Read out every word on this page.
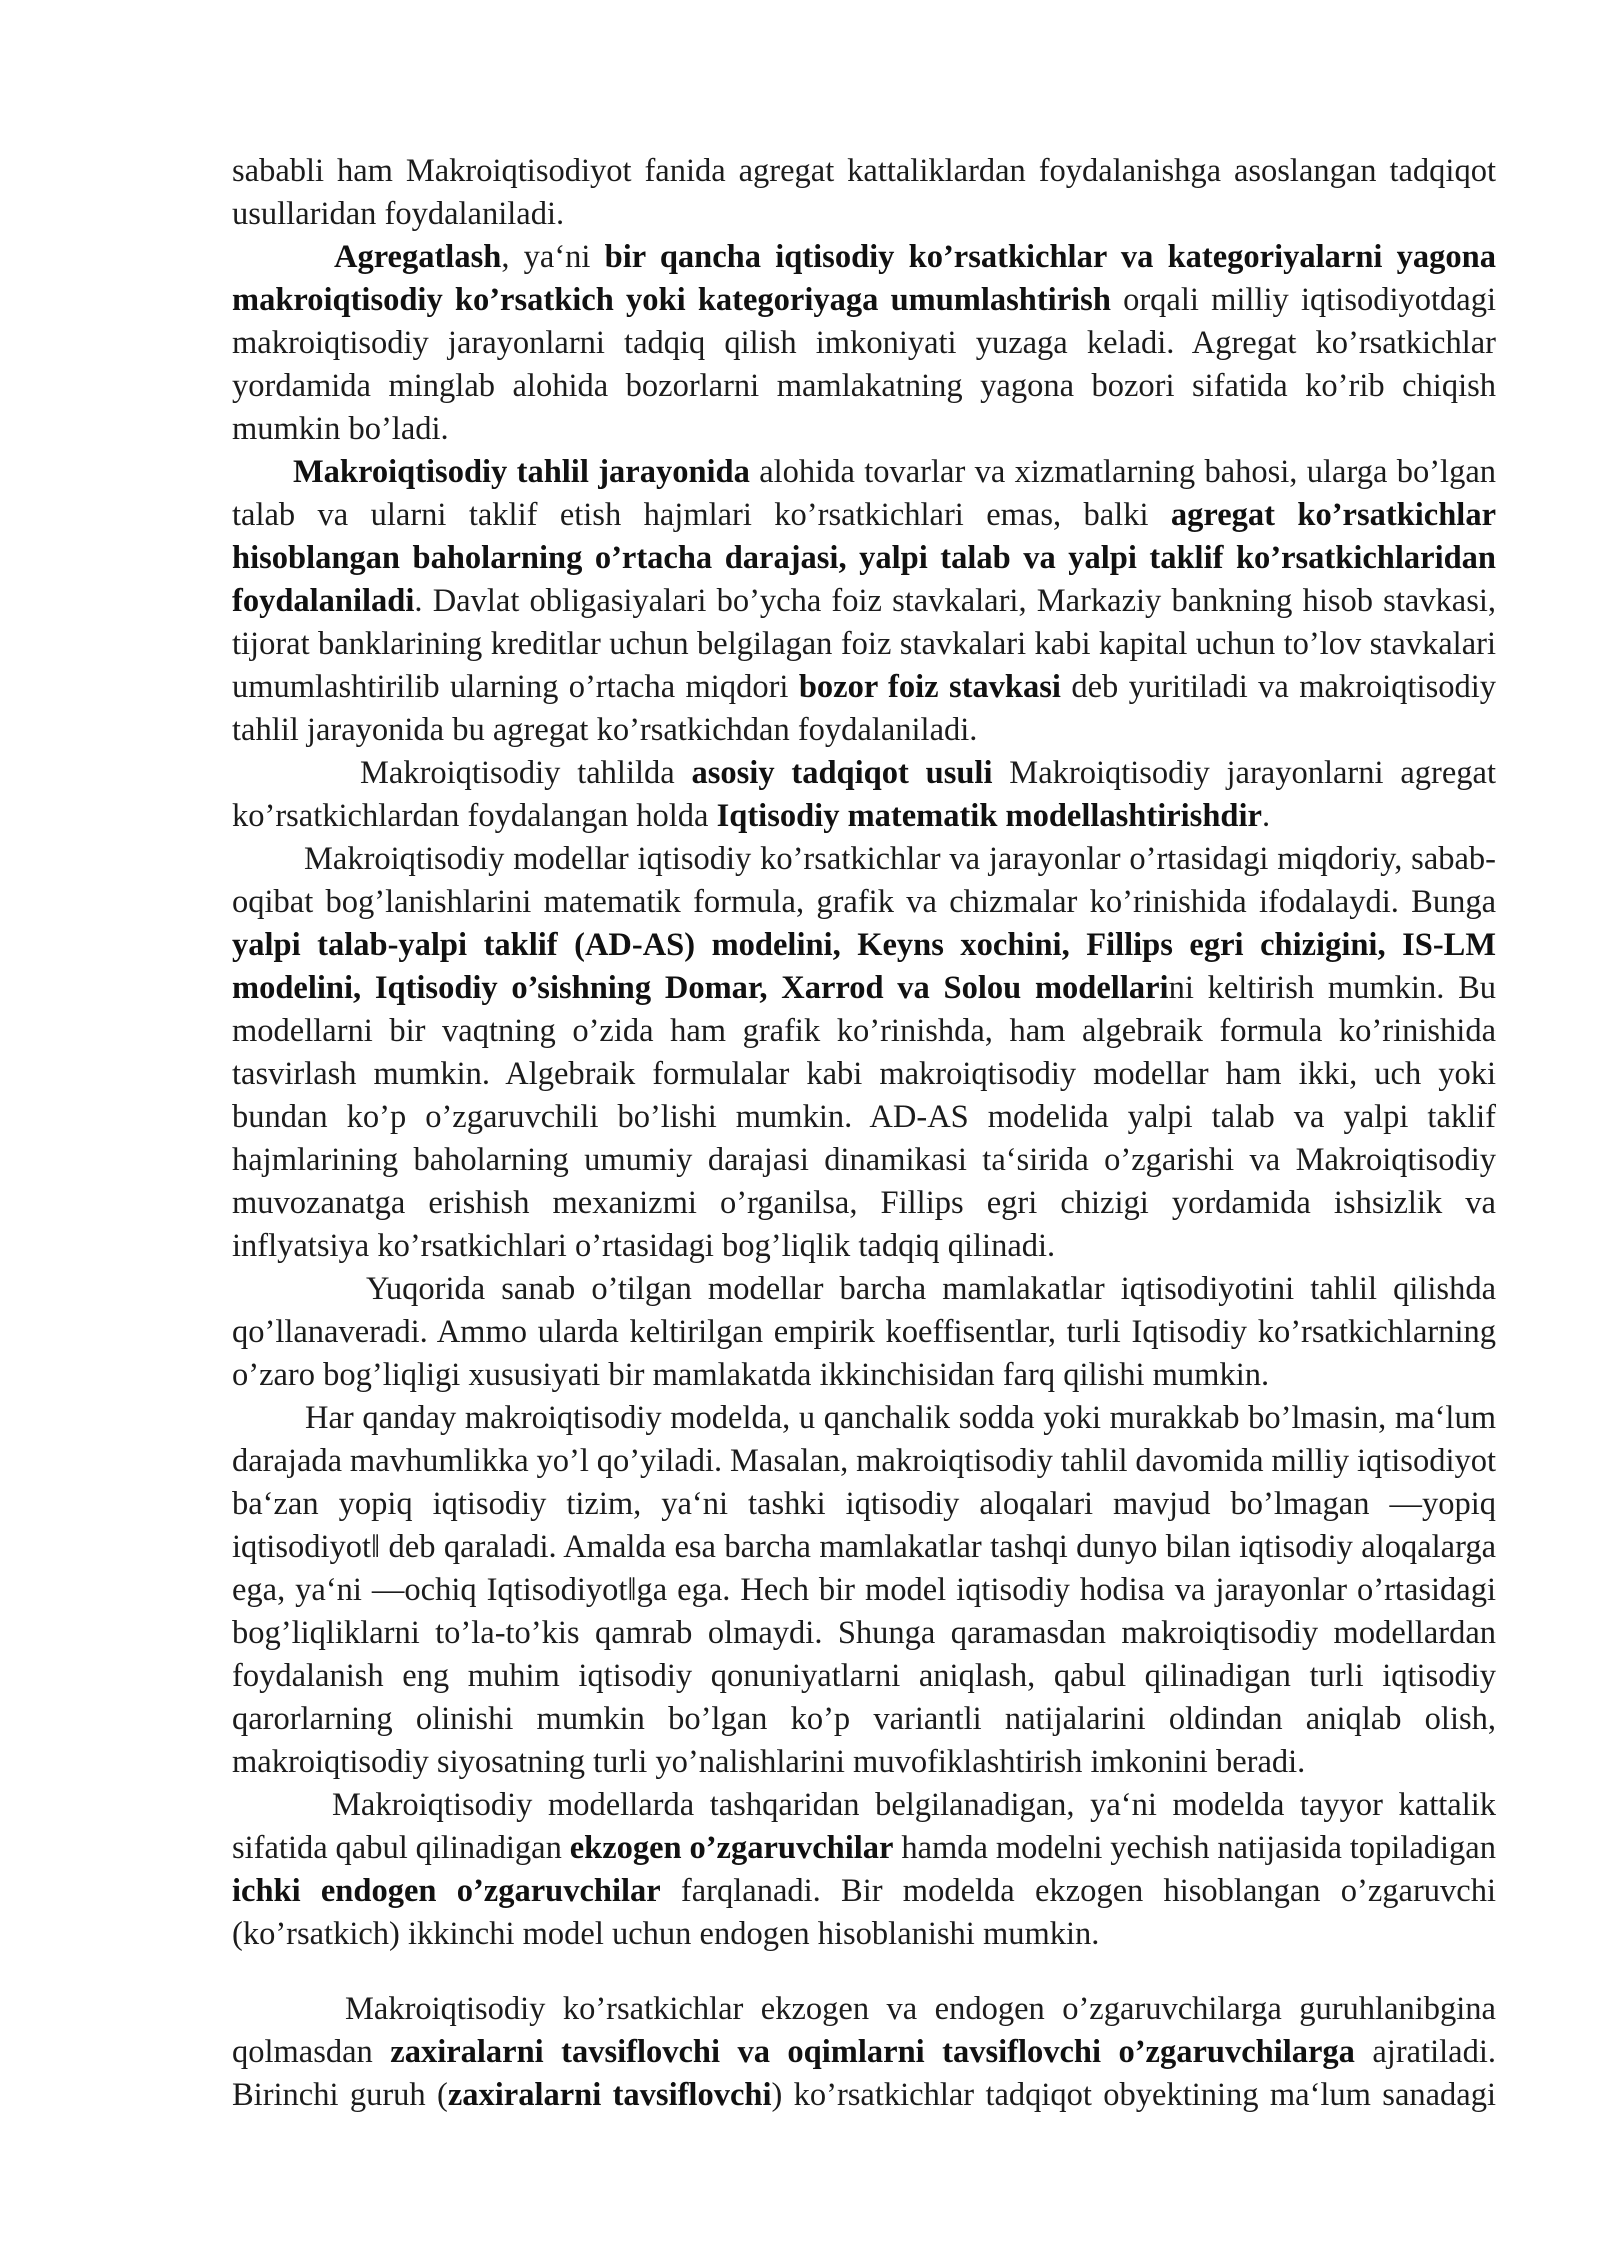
sababli ham Makroiqtisodiyot fanida agregat kattaliklardan foydalanishga asoslangan tadqiqot
usullaridan foydalaniladi.
Agregatlash, ya‘ni bir qancha iqtisodiy ko’rsatkichlar va kategoriyalarni yagona
makroiqtisodiy ko’rsatkich yoki kategoriyaga umumlashtirish orqali milliy iqtisodiyotdagi
makroiqtisodiy jarayonlarni tadqiq qilish imkoniyati yuzaga keladi. Agregat ko’rsatkichlar
yordamida minglab alohida bozorlarni mamlakatning yagona bozori sifatida ko’rib chiqish
mumkin bo’ladi.
Makroiqtisodiy tahlil jarayonida alohida tovarlar va xizmatlarning bahosi, ularga bo’lgan
talab va ularni taklif etish hajmlari ko’rsatkichlari emas, balki agregat ko’rsatkichlar
hisoblangan baholarning o’rtacha darajasi, yalpi talab va yalpi taklif ko’rsatkichlaridan
foydalaniladi. Davlat obligasiyalari bo’ycha foiz stavkalari, Markaziy bankning hisob stavkasi,
tijorat banklarining kreditlar uchun belgilagan foiz stavkalari kabi kapital uchun to’lov stavkalari
umumlashtirilib ularning o’rtacha miqdori bozor foiz stavkasi deb yuritiladi va makroiqtisodiy
tahlil jarayonida bu agregat ko’rsatkichdan foydalaniladi.
Makroiqtisodiy tahlilda asosiy tadqiqot usuli Makroiqtisodiy jarayonlarni agregat
ko’rsatkichlardan foydalangan holda Iqtisodiy matematik modellashtirishdir.
Makroiqtisodiy modellar iqtisodiy ko’rsatkichlar va jarayonlar o’rtasidagi miqdoriy, sabab-
oqibat bog’lanishlarini matematik formula, grafik va chizmalar ko’rinishida ifodalaydi. Bunga
yalpi talab-yalpi taklif (AD-AS) modelini, Keyns xochini, Fillips egri chizigini, IS-LM
modelini, Iqtisodiy o’sishning Domar, Xarrod va Solou modellarini keltirish mumkin. Bu
modellarni bir vaqtning o’zida ham grafik ko’rinishda, ham algebraik formula ko’rinishida
tasvirlash mumkin. Algebraik formulalar kabi makroiqtisodiy modellar ham ikki, uch yoki
bundan ko’p o’zgaruvchili bo’lishi mumkin. AD-AS modelida yalpi talab va yalpi taklif
hajmlarining baholarning umumiy darajasi dinamikasi ta‘sirida o’zgarishi va Makroiqtisodiy
muvozanatga erishish mexanizmi o’rganilsa, Fillips egri chizigi yordamida ishsizlik va
inflyatsiya ko’rsatkichlari o’rtasidagi bog’liqlik tadqiq qilinadi.
Yuqorida sanab o’tilgan modellar barcha mamlakatlar iqtisodiyotini tahlil qilishda
qo’llanaveradi. Ammo ularda keltirilgan empirik koeffisentlar, turli Iqtisodiy ko’rsatkichlarning
o’zaro bog’liqligi xususiyati bir mamlakatda ikkinchisidan farq qilishi mumkin.
Har qanday makroiqtisodiy modelda, u qanchalik sodda yoki murakkab bo’lmasin, ma‘lum
darajada mavhumlikka yo’l qo’yiladi. Masalan, makroiqtisodiy tahlil davomida milliy iqtisodiyot
ba‘zan yopiq iqtisodiy tizim, ya‘ni tashki iqtisodiy aloqalari mavjud bo’lmagan —yopiq
iqtisodiyot‖ deb qaraladi. Amalda esa barcha mamlakatlar tashqi dunyo bilan iqtisodiy aloqalarga
ega, ya‘ni —ochiq Iqtisodiyot‖ga ega. Hech bir model iqtisodiy hodisa va jarayonlar o’rtasidagi
bog’liqliklarni to’la-to’kis qamrab olmaydi. Shunga qaramasdan makroiqtisodiy modellardan
foydalanish eng muhim iqtisodiy qonuniyatlarni aniqlash, qabul qilinadigan turli iqtisodiy
qarorlarning olinishi mumkin bo’lgan ko’p variantli natijalarini oldindan aniqlab olish,
makroiqtisodiy siyosatning turli yo’nalishlarini muvofiklashtirish imkonini beradi.
Makroiqtisodiy modellarda tashqaridan belgilanadigan, ya‘ni modelda tayyor kattalik
sifatida qabul qilinadigan ekzogen o’zgaruvchilar hamda modelni yechish natijasida topiladigan
ichki endogen o’zgaruvchilar farqlanadi. Bir modelda ekzogen hisoblangan o’zgaruvchi
(ko’rsatkich) ikkinchi model uchun endogen hisoblanishi mumkin.
Makroiqtisodiy ko’rsatkichlar ekzogen va endogen o’zgaruvchilarga guruhlanibgina
qolmasdan zaxiralarni tavsiflovchi va oqimlarni tavsiflovchi o’zgaruvchilarga ajratiladi.
Birinchi guruh (zaxiralarni tavsiflovchi) ko’rsatkichlar tadqiqot obyektining ma‘lum sanadagi
